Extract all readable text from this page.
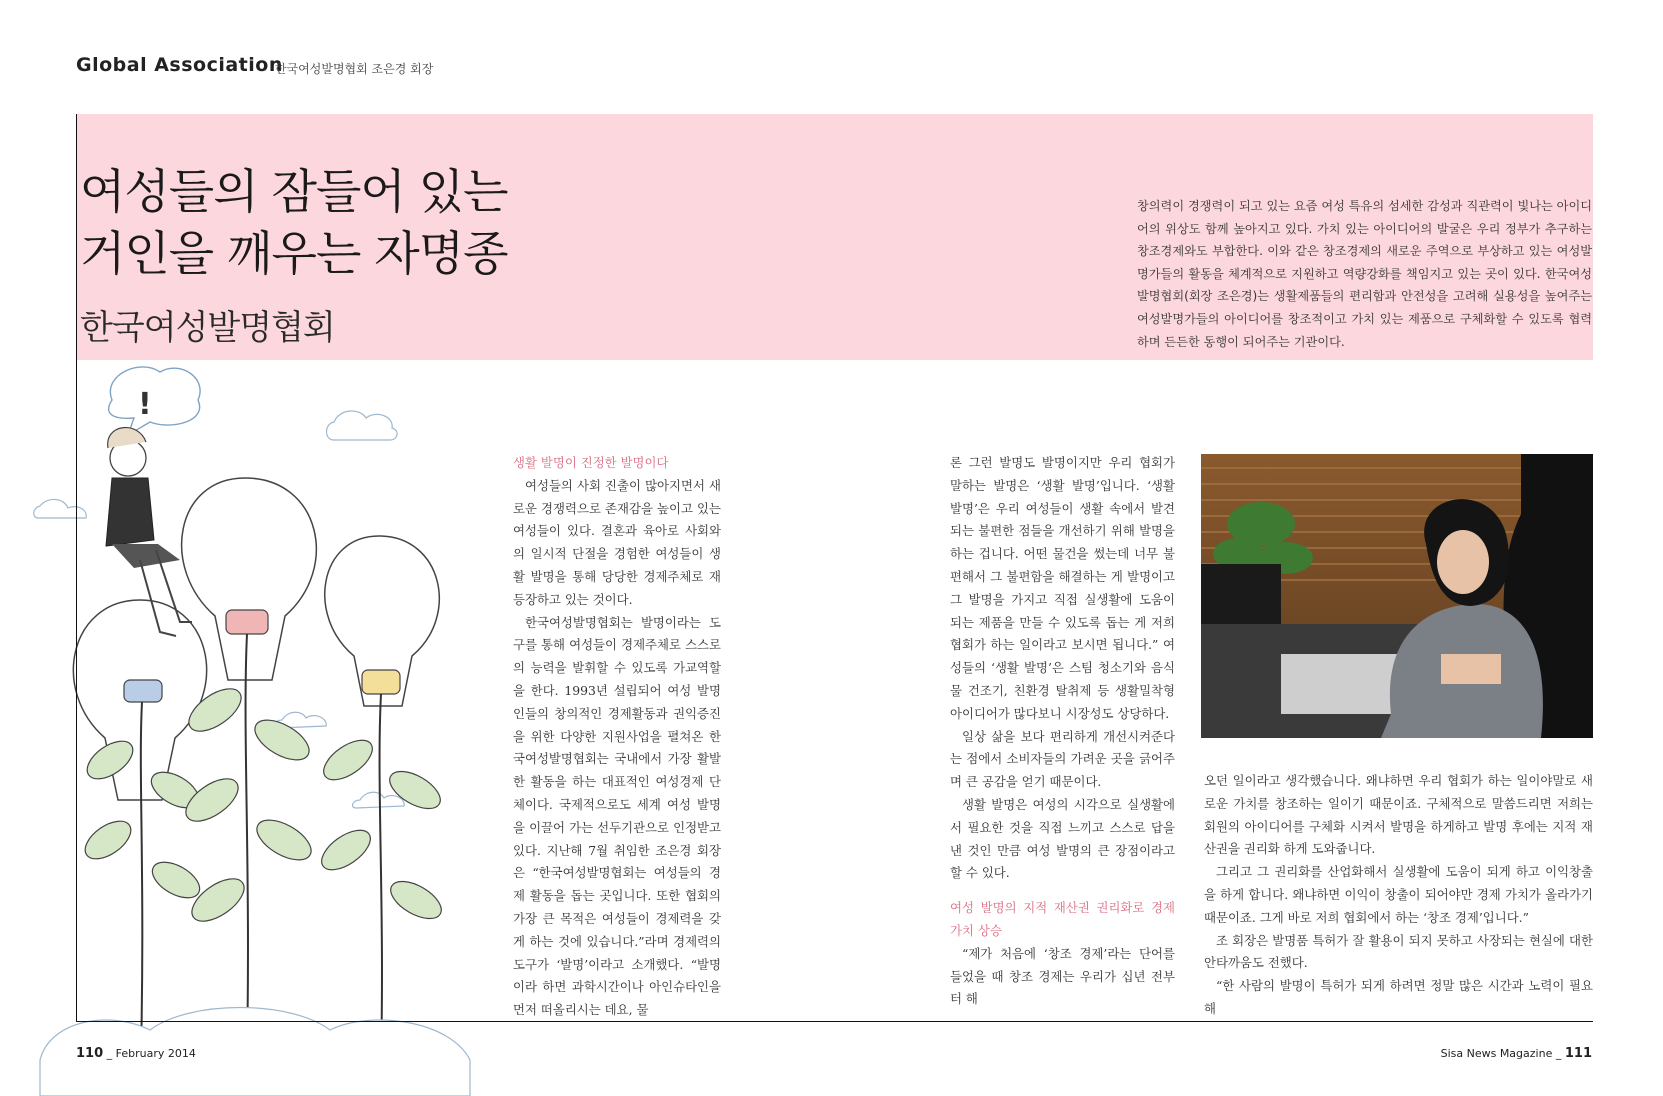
Global Association
한국여성발명협회 조은경 회장
여성들의 잠들어 있는
거인을 깨우는 자명종
한국여성발명협회

창의력이 경쟁력이 되고 있는 요즘 여성 특유의 섬세한 감성과 직관력이 빛나는 아이디어의 위상도 함께 높아지고 있다. 가치 있는 아이디어의 발굴은 우리 정부가 추구하는 창조경제와도 부합한다. 이와 같은 창조경제의 새로운 주역으로 부상하고 있는 여성발명가들의 활동을 체계적으로 지원하고 역량강화를 책임지고 있는 곳이 있다. 한국여성발명협회(회장 조은경)는 생활제품들의 편리함과 안전성을 고려해 실용성을 높여주는 여성발명가들의 아이디어를 창조적이고 가치 있는 제품으로 구체화할 수 있도록 협력하며 든든한 동행이 되어주는 기관이다.

!

생활 발명이 진정한 발명이다

여성들의 사회 진출이 많아지면서 새로운 경쟁력으로 존재감을 높이고 있는 여성들이 있다. 결혼과 육아로 사회와의 일시적 단절을 경험한 여성들이 생활 발명을 통해 당당한 경제주체로 재등장하고 있는 것이다.

한국여성발명협회는 발명이라는 도구를 통해 여성들이 경제주체로 스스로의 능력을 발휘할 수 있도록 가교역할을 한다. 1993년 설립되어 여성 발명인들의 창의적인 경제활동과 권익증진을 위한 다양한 지원사업을 펼쳐온 한국여성발명협회는 국내에서 가장 활발한 활동을 하는 대표적인 여성경제 단체이다. 국제적으로도 세계 여성 발명을 이끌어 가는 선두기관으로 인정받고 있다. 지난해 7월 취임한 조은경 회장은 “한국여성발명협회는 여성들의 경제 활동을 돕는 곳입니다. 또한 협회의 가장 큰 목적은 여성들이 경제력을 갖게 하는 것에 있습니다.”라며 경제력의 도구가 ‘발명’이라고 소개했다. “발명이라 하면 과학시간이나 아인슈타인을 먼저 떠올리시는 데요, 물

론 그런 발명도 발명이지만 우리 협회가 말하는 발명은 ‘생활 발명’입니다. ‘생활 발명’은 우리 여성들이 생활 속에서 발견되는 불편한 점들을 개선하기 위해 발명을 하는 겁니다. 어떤 물건을 썼는데 너무 불편해서 그 불편함을 해결하는 게 발명이고 그 발명을 가지고 직접 실생활에 도움이 되는 제품을 만들 수 있도록 돕는 게 저희 협회가 하는 일이라고 보시면 됩니다.” 여성들의 ‘생활 발명’은 스팀 청소기와 음식물 건조기, 친환경 탈취제 등 생활밀착형 아이디어가 많다보니 시장성도 상당하다.

일상 삶을 보다 편리하게 개선시켜준다는 점에서 소비자들의 가려운 곳을 긁어주며 큰 공감을 얻기 때문이다.

생활 발명은 여성의 시각으로 실생활에서 필요한 것을 직접 느끼고 스스로 답을 낸 것인 만큼 여성 발명의 큰 장점이라고 할 수 있다.

여성 발명의 지적 재산권 권리화로 경제 가치 상승

“제가 처음에 ‘창조 경제’라는 단어를 들었을 때 창조 경제는 우리가 십년 전부터 해

오던 일이라고 생각했습니다. 왜냐하면 우리 협회가 하는 일이야말로 새로운 가치를 창조하는 일이기 때문이죠. 구체적으로 말씀드리면 저희는 회원의 아이디어를 구체화 시켜서 발명을 하게하고 발명 후에는 지적 재산권을 권리화 하게 도와줍니다.

그리고 그 권리화를 산업화해서 실생활에 도움이 되게 하고 이익창출을 하게 합니다. 왜냐하면 이익이 창출이 되어야만 경제 가치가 올라가기 때문이죠. 그게 바로 저희 협회에서 하는 ‘창조 경제’입니다.”

조 회장은 발명품 특허가 잘 활용이 되지 못하고 사장되는 현실에 대한 안타까움도 전했다.

“한 사람의 발명이 특허가 되게 하려면 정말 많은 시간과 노력이 필요해

110 _ February 2014	Sisa News Magazine _ 111
